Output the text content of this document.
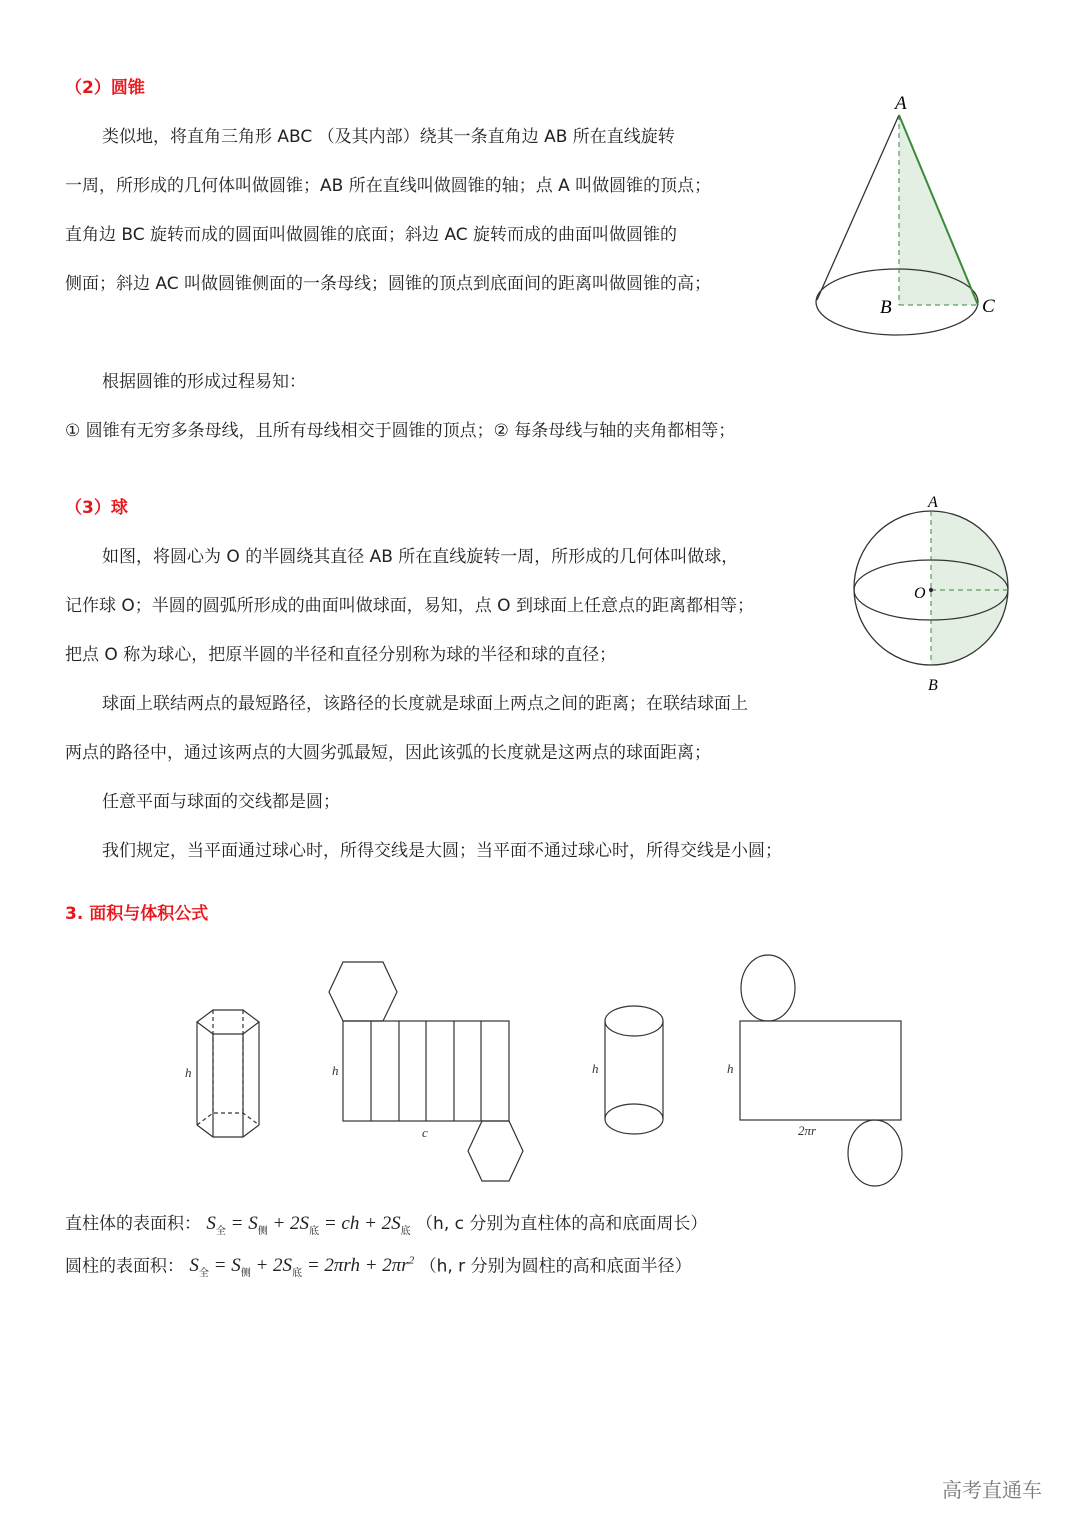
（2）圆锥
类似地，将直角三角形 ABC （及其内部）绕其一条直角边 AB 所在直线旋转
一周，所形成的几何体叫做圆锥；AB 所在直线叫做圆锥的轴；点 A 叫做圆锥的顶点；
直角边 BC 旋转而成的圆面叫做圆锥的底面；斜边 AC 旋转而成的曲面叫做圆锥的
侧面；斜边 AC 叫做圆锥侧面的一条母线；圆锥的顶点到底面间的距离叫做圆锥的高；
根据圆锥的形成过程易知：
① 圆锥有无穷多条母线，且所有母线相交于圆锥的顶点；② 每条母线与轴的夹角都相等；
A
B	C
（3）球
如图，将圆心为 O 的半圆绕其直径 AB 所在直线旋转一周，所形成的几何体叫做球，
记作球 O；半圆的圆弧所形成的曲面叫做球面，易知，点 O 到球面上任意点的距离都相等；
把点 O 称为球心，把原半圆的半径和直径分别称为球的半径和球的直径；
球面上联结两点的最短路径，该路径的长度就是球面上两点之间的距离；在联结球面上
两点的路径中，通过该两点的大圆劣弧最短，因此该弧的长度就是这两点的球面距离；
任意平面与球面的交线都是圆；
我们规定，当平面通过球心时，所得交线是大圆；当平面不通过球心时，所得交线是小圆；
A
B
O
3. 面积与体积公式
h	h
c
h	h
2πr
直柱体的表面积： $S_全 = S_侧 + 2S_底$ = ch + $2S_底$ （h, c 分别为直柱体的高和底面周长）
圆柱的表面积： $S_全 = S_侧 + 2S_底 = 2\pi rh + 2\pi r^2$ （h, r 分别为圆柱的高和底面半径）
高考直通车
